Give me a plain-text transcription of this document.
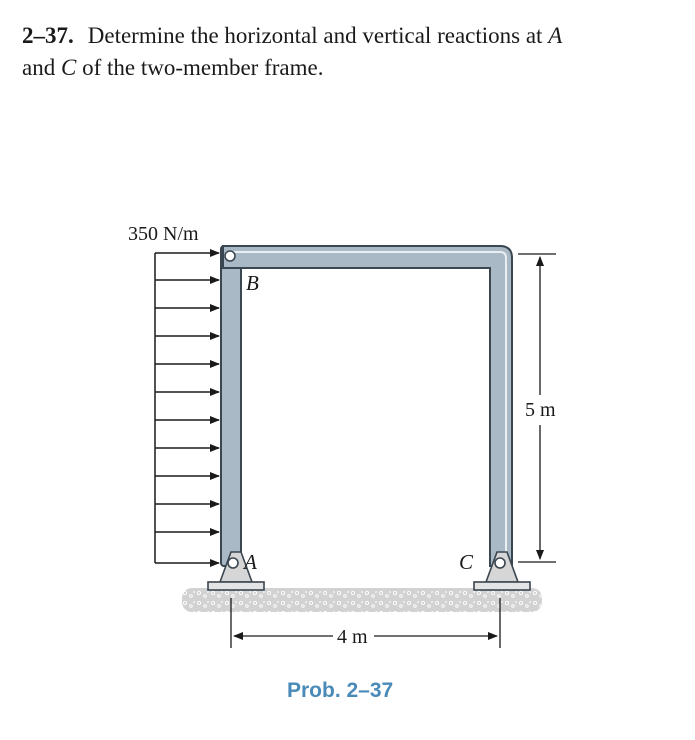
2–37. Determine the horizontal and vertical reactions at A
and C of the two-member frame.
350 N/m
B
A	C
5 m
4 m
Prob. 2–37
